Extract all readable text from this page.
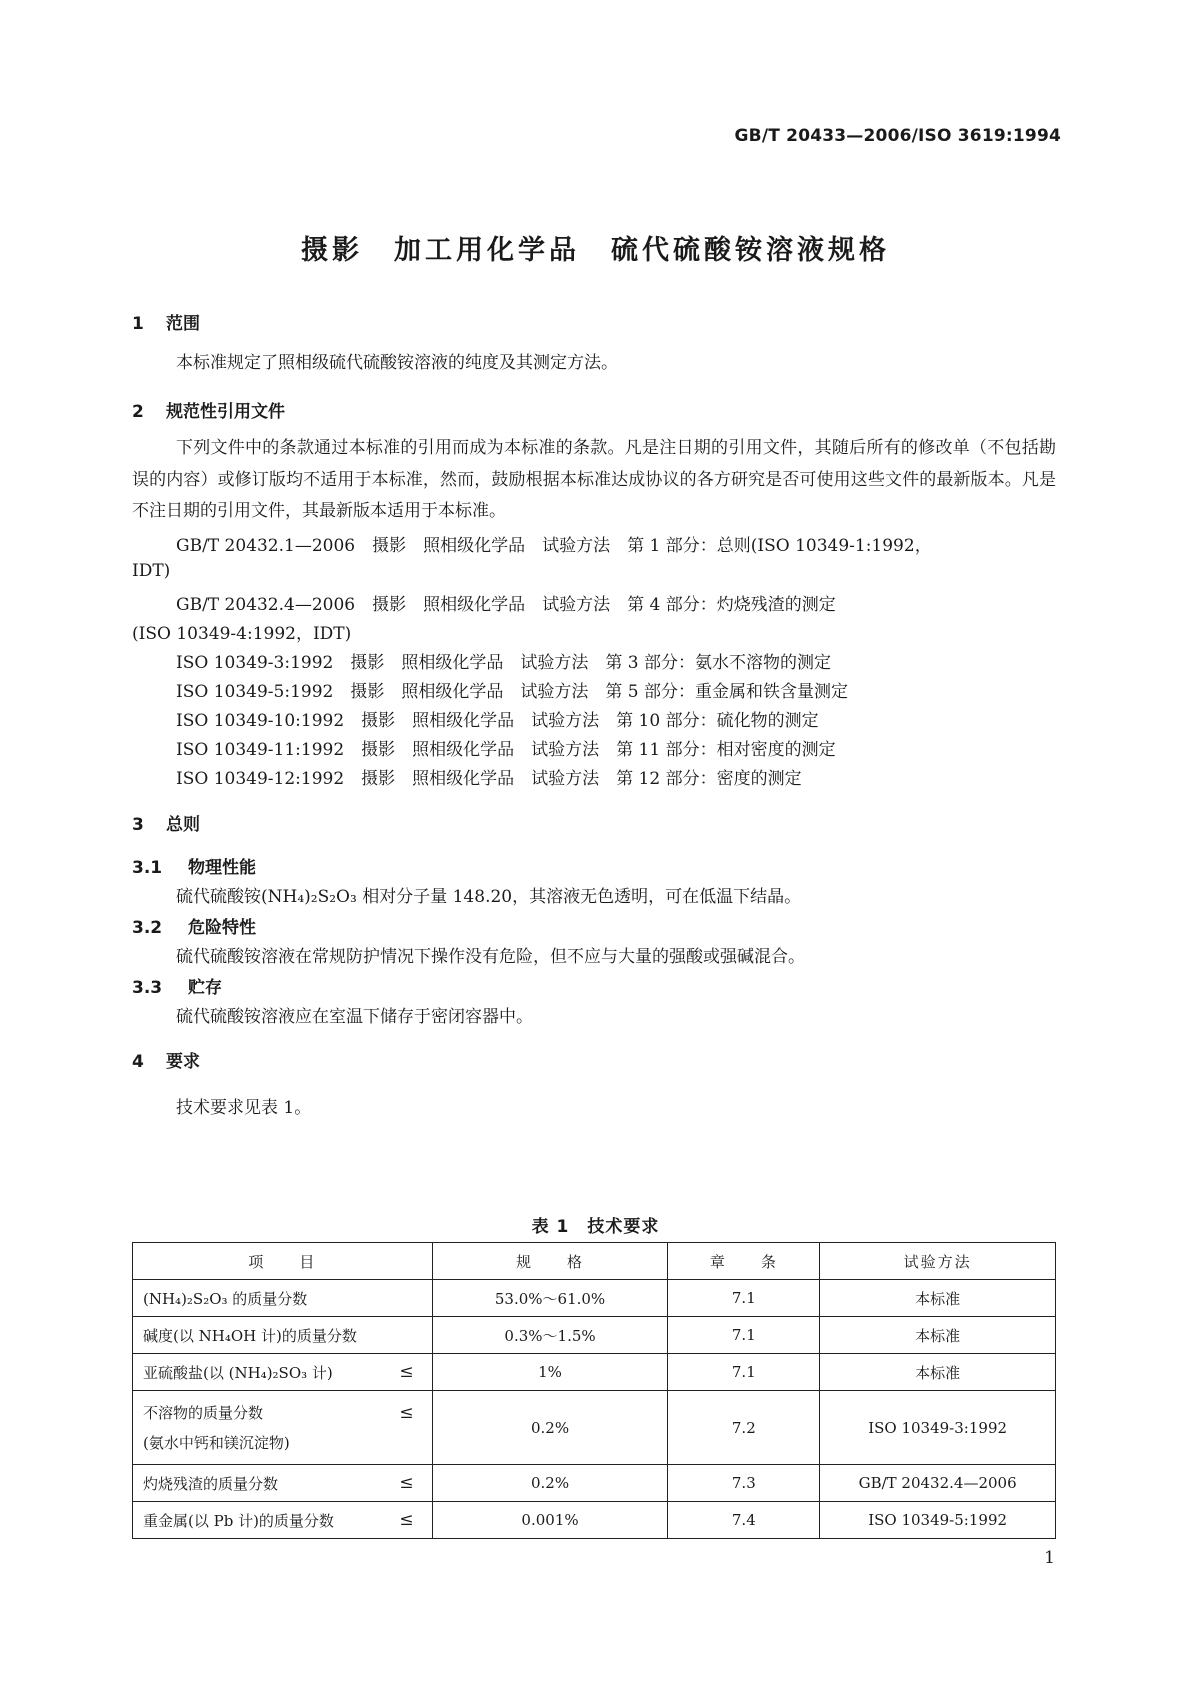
GB/T 20433—2006/ISO 3619:1994
摄影　加工用化学品　硫代硫酸铵溶液规格
1 范围
本标准规定了照相级硫代硫酸铵溶液的纯度及其测定方法。
2 规范性引用文件
下列文件中的条款通过本标准的引用而成为本标准的条款。凡是注日期的引用文件，其随后所有的修改单（不包括勘误的内容）或修订版均不适用于本标准，然而，鼓励根据本标准达成协议的各方研究是否可使用这些文件的最新版本。凡是不注日期的引用文件，其最新版本适用于本标准。
GB/T 20432.1—2006　摄影　照相级化学品　试验方法　第 1 部分：总则(ISO 10349-1:1992，
IDT)
GB/T 20432.4—2006　摄影　照相级化学品　试验方法　第 4 部分：灼烧残渣的测定
(ISO 10349-4:1992，IDT)
ISO 10349-3:1992　摄影　照相级化学品　试验方法　第 3 部分：氨水不溶物的测定
ISO 10349-5:1992　摄影　照相级化学品　试验方法　第 5 部分：重金属和铁含量测定
ISO 10349-10:1992　摄影　照相级化学品　试验方法　第 10 部分：硫化物的测定
ISO 10349-11:1992　摄影　照相级化学品　试验方法　第 11 部分：相对密度的测定
ISO 10349-12:1992　摄影　照相级化学品　试验方法　第 12 部分：密度的测定
3 总则
3.1 物理性能
硫代硫酸铵(NH₄)₂S₂O₃ 相对分子量 148.20，其溶液无色透明，可在低温下结晶。
3.2 危险特性
硫代硫酸铵溶液在常规防护情况下操作没有危险，但不应与大量的强酸或强碱混合。
3.3 贮存
硫代硫酸铵溶液应在室温下储存于密闭容器中。
4 要求
技术要求见表 1。
表 1　技术要求
项　　目	规　　格	章　　条	试验方法

(NH₄)₂S₂O₃ 的质量分数	53.0%～61.0%	7.1	本标准

碱度(以 NH₄OH 计)的质量分数	0.3%～1.5%	7.1	本标准

亚硫酸盐(以 (NH₄)₂SO₃ 计) ≤	1%	7.1	本标准

不溶物的质量分数
(氨水中钙和镁沉淀物)
≤	0.2%	7.2	ISO 10349-3:1992

灼烧残渣的质量分数 ≤	0.2%	7.3	GB/T 20432.4—2006

重金属(以 Pb 计)的质量分数 ≤	0.001%	7.4	ISO 10349-5:1992
1
